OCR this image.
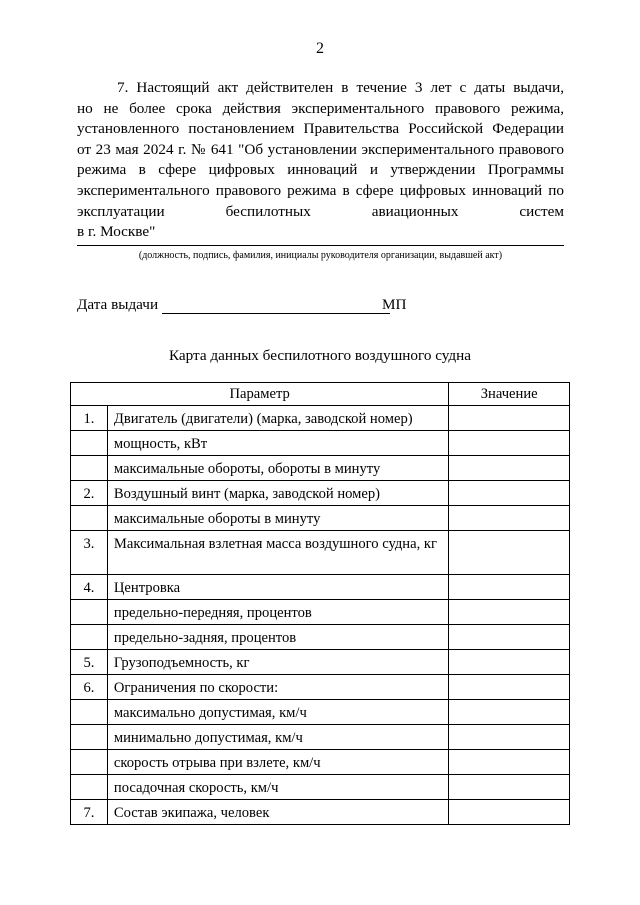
2
7. Настоящий акт действителен в течение 3 лет с даты выдачи,
но не более срока действия экспериментального правового режима,
установленного постановлением Правительства Российской Федерации
от 23 мая 2024 г. № 641 "Об установлении экспериментального правового
режима в сфере цифровых инноваций и утверждении Программы
экспериментального правового режима в сфере цифровых инноваций по
эксплуатации беспилотных авиационных систем
в г. Москве"
(должность, подпись, фамилия, инициалы руководителя организации, выдавшей акт)
Дата выдачи	МП
Карта данных беспилотного воздушного судна
Параметр		Значение
1.	Двигатель (двигатели) (марка, заводской номер)	
	мощность, кВт	
	максимальные обороты, обороты в минуту	
2.	Воздушный винт (марка, заводской номер)	
	максимальные обороты в минуту	
3.	Максимальная взлетная масса воздушного судна, кг	
4.	Центровка	
	предельно-передняя, процентов	
	предельно-задняя, процентов	
5.	Грузоподъемность, кг	
6.	Ограничения по скорости:	
	максимально допустимая, км/ч	
	минимально допустимая, км/ч	
	скорость отрыва при взлете, км/ч	
	посадочная скорость, км/ч	
7.	Состав экипажа, человек	
